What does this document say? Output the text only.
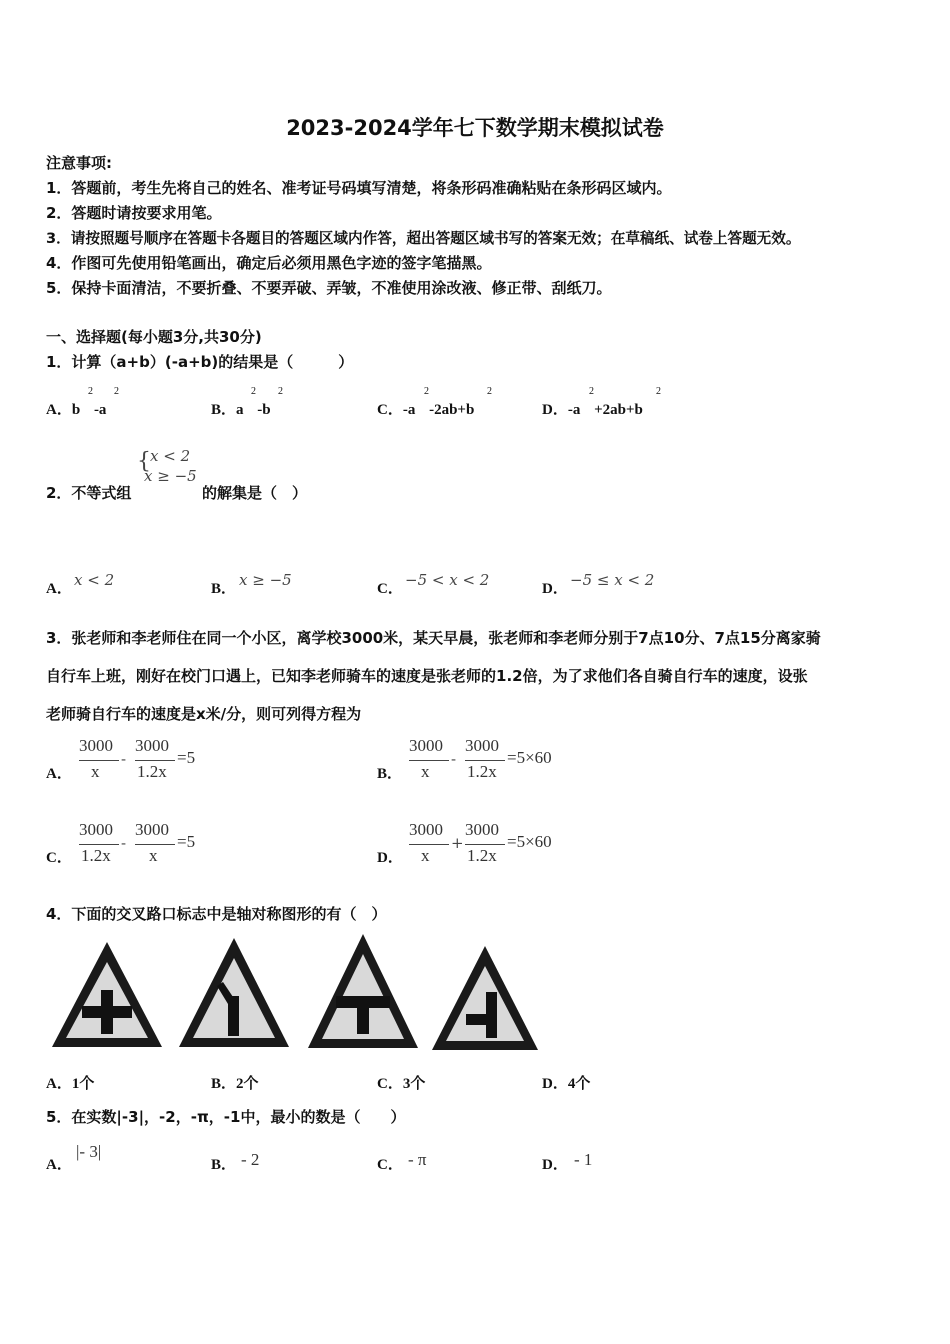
2023-2024学年七下数学期末模拟试卷
注意事项:
1．答题前，考生先将自己的姓名、准考证号码填写清楚，将条形码准确粘贴在条形码区域内。
2．答题时请按要求用笔。
3．请按照题号顺序在答题卡各题目的答题区域内作答，超出答题区域书写的答案无效；在草稿纸、试卷上答题无效。
4．作图可先使用铅笔画出，确定后必须用黑色字迹的签字笔描黑。
5．保持卡面清洁，不要折叠、不要弄破、弄皱，不准使用涂改液、修正带、刮纸刀。
一、选择题(每小题3分,共30分)
1．计算（a+b）(-a+b)的结果是（　　　）
A．b
2
-a
2
B．a
2
-b
2
C．-a
2
-2ab+b
2
D．-a
2
+2ab+b
2
2．不等式组
{ x < 2
x ≥ −5
的解集是（　）
A． x < 2	B． x ≥ −5	C． −5 < x < 2	D． −5 ≤ x < 2
3．张老师和李老师住在同一个小区，离学校3000米，某天早晨，张老师和李老师分别于7点10分、7点15分离家骑
自行车上班，刚好在校门口遇上，已知李老师骑车的速度是张老师的1.2倍，为了求他们各自骑自行车的速度，设张
老师骑自行车的速度是x米/分，则可列得方程为
A．
3000
x
-
3000
1.2x
=5
B．
3000
x
-
3000
1.2x
=5×60
C．
3000
1.2x
-
3000
x
=5
D．
3000
x
+
3000
1.2x
=5×60
4．下面的交叉路口标志中是轴对称图形的有（　）
A．1个	B．2个	C．3个	D．4个
5．在实数|-3|，-2，-π，-1中，最小的数是（　　）
A．
|- 3|
B． - 2	C． - π	D． - 1
